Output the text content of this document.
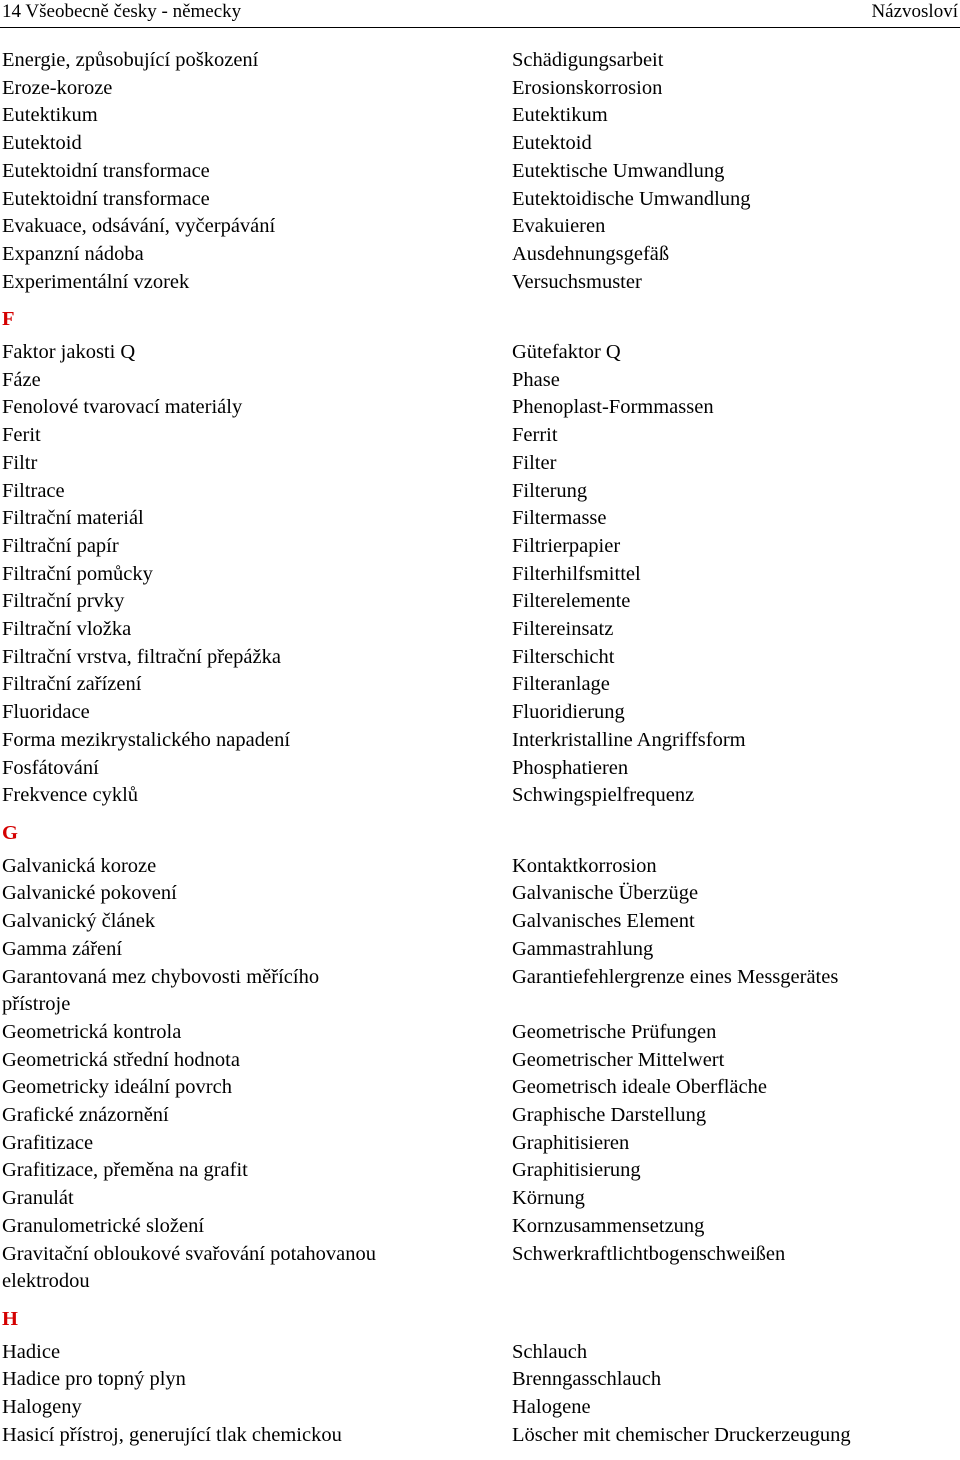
14 Všeobecně česky - německy	Názvosloví
Energie, způsobující poškození	Schädigungsarbeit
Eroze-koroze	Erosionskorrosion
Eutektikum	Eutektikum
Eutektoid	Eutektoid
Eutektoidní transformace	Eutektische Umwandlung
Eutektoidní transformace	Eutektoidische Umwandlung
Evakuace, odsávání, vyčerpávání	Evakuieren
Expanzní nádoba	Ausdehnungsgefäß
Experimentální vzorek	Versuchsmuster
F
Faktor jakosti Q	Gütefaktor Q
Fáze	Phase
Fenolové tvarovací materiály	Phenoplast-Formmassen
Ferit	Ferrit
Filtr	Filter
Filtrace	Filterung
Filtrační materiál	Filtermasse
Filtrační papír	Filtrierpapier
Filtrační pomůcky	Filterhilfsmittel
Filtrační prvky	Filterelemente
Filtrační vložka	Filtereinsatz
Filtrační vrstva, filtrační přepážka	Filterschicht
Filtrační zařízení	Filteranlage
Fluoridace	Fluoridierung
Forma mezikrystalického napadení	Interkristalline Angriffsform
Fosfátování	Phosphatieren
Frekvence cyklů	Schwingspielfrequenz
G
Galvanická koroze	Kontaktkorrosion
Galvanické pokovení	Galvanische Überzüge
Galvanický článek	Galvanisches Element
Gamma záření	Gammastrahlung
Garantovaná mez chybovosti měřícího	Garantiefehlergrenze eines Messgerätes
přístroje
Geometrická kontrola	Geometrische Prüfungen
Geometrická střední hodnota	Geometrischer Mittelwert
Geometricky ideální povrch	Geometrisch ideale Oberfläche
Grafické znázornění	Graphische Darstellung
Grafitizace	Graphitisieren
Grafitizace, přeměna na grafit	Graphitisierung
Granulát	Körnung
Granulometrické složení	Kornzusammensetzung
Gravitační obloukové svařování potahovanou	Schwerkraftlichtbogenschweißen
elektrodou
H
Hadice	Schlauch
Hadice pro topný plyn	Brenngasschlauch
Halogeny	Halogene
Hasicí přístroj, generující tlak chemickou	Löscher mit chemischer Druckerzeugung
